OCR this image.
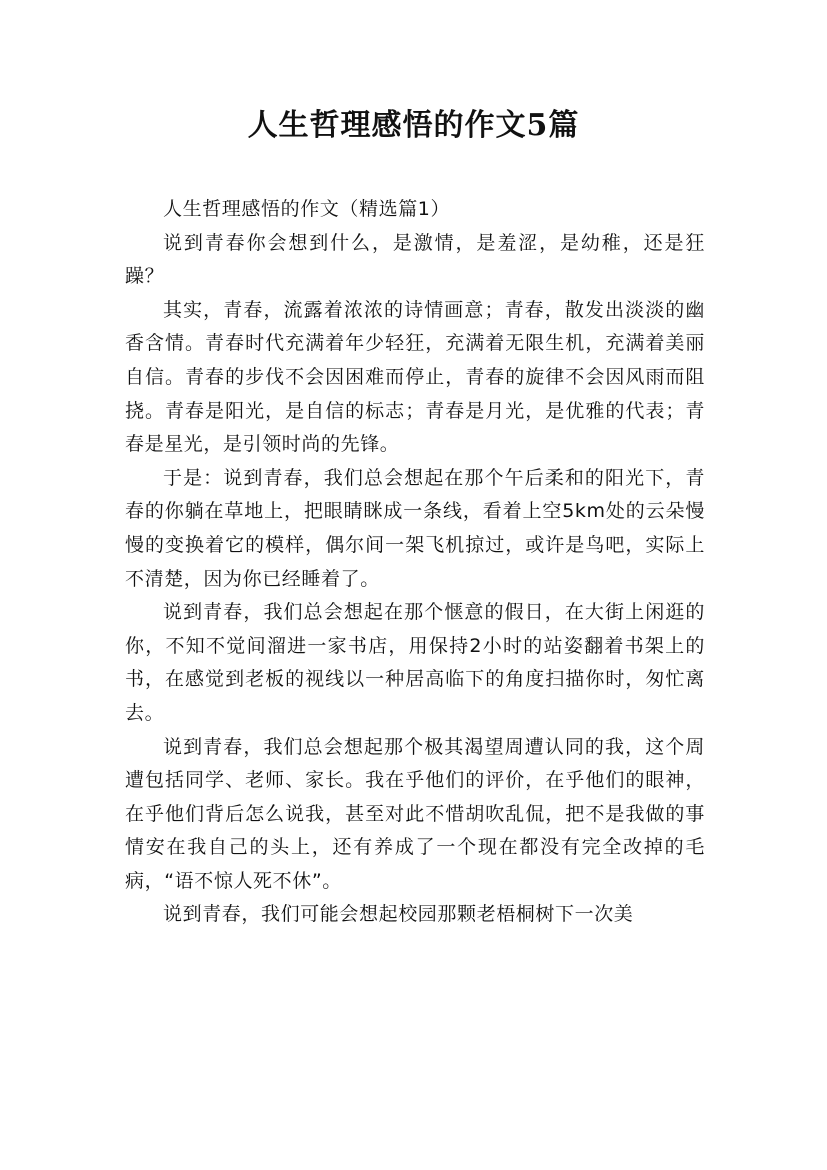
人生哲理感悟的作文5篇

人生哲理感悟的作文（精选篇1）

说到青春你会想到什么，是激情，是羞涩，是幼稚，还是狂躁？

其实，青春，流露着浓浓的诗情画意；青春，散发出淡淡的幽香含情。青春时代充满着年少轻狂，充满着无限生机，充满着美丽自信。青春的步伐不会因困难而停止，青春的旋律不会因风雨而阻挠。青春是阳光，是自信的标志；青春是月光，是优雅的代表；青春是星光，是引领时尚的先锋。

于是：说到青春，我们总会想起在那个午后柔和的阳光下，青春的你躺在草地上，把眼睛眯成一条线，看着上空5km处的云朵慢慢的变换着它的模样，偶尔间一架飞机掠过，或许是鸟吧，实际上不清楚，因为你已经睡着了。

说到青春，我们总会想起在那个惬意的假日，在大街上闲逛的你，不知不觉间溜进一家书店，用保持2小时的站姿翻着书架上的书，在感觉到老板的视线以一种居高临下的角度扫描你时，匆忙离去。

说到青春，我们总会想起那个极其渴望周遭认同的我，这个周遭包括同学、老师、家长。我在乎他们的评价，在乎他们的眼神，在乎他们背后怎么说我，甚至对此不惜胡吹乱侃，把不是我做的事情安在我自己的头上，还有养成了一个现在都没有完全改掉的毛病，“语不惊人死不休”。

说到青春，我们可能会想起校园那颗老梧桐树下一次美
